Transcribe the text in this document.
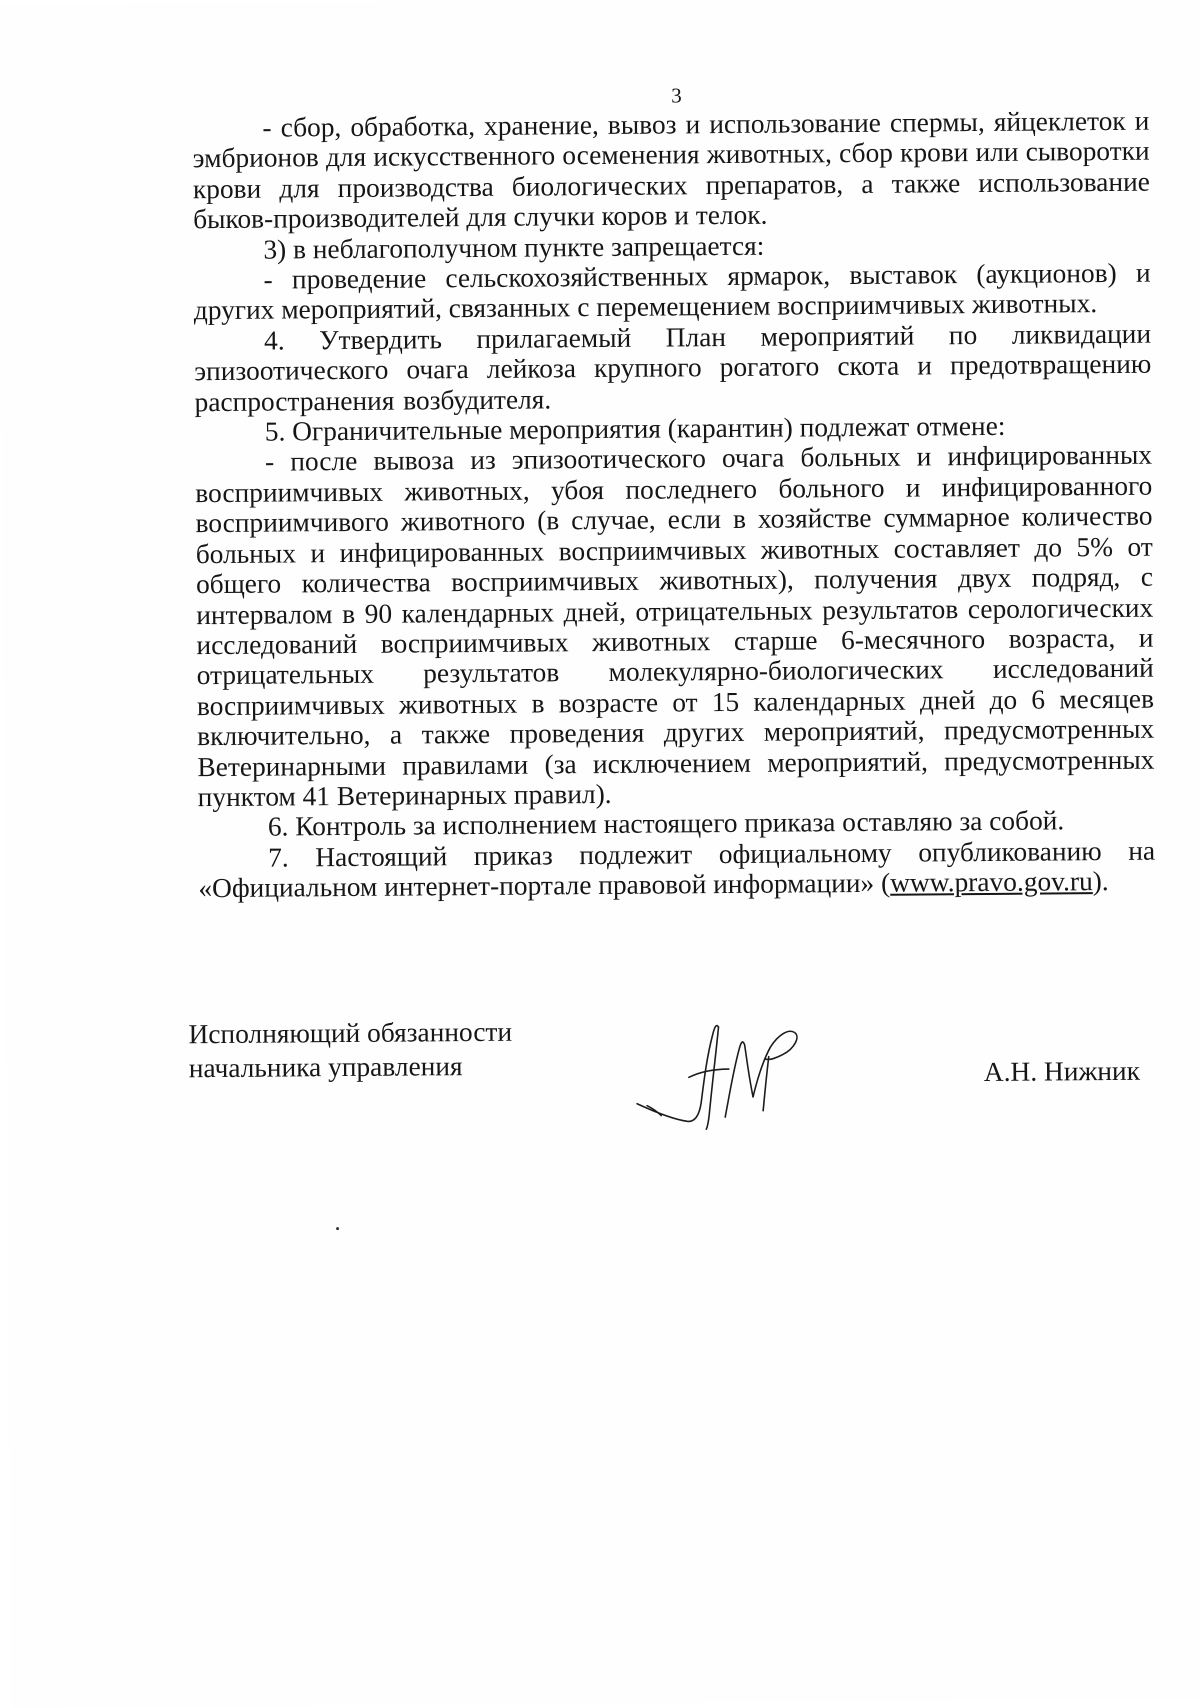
3

- сбор, обработка, хранение, вывоз и использование спермы, яйцеклеток и эмбрионов для искусственного осеменения животных, сбор крови или сыворотки крови для производства биологических препаратов, а также использование быков-производителей для случки коров и телок.

3) в неблагополучном пункте запрещается:

- проведение сельскохозяйственных ярмарок, выставок (аукционов) и других мероприятий, связанных с перемещением восприимчивых животных.

4. Утвердить прилагаемый План мероприятий по ликвидации эпизоотического очага лейкоза крупного рогатого скота и предотвращению распространения возбудителя.

5. Ограничительные мероприятия (карантин) подлежат отмене:

- после вывоза из эпизоотического очага больных и инфицированных восприимчивых животных, убоя последнего больного и инфицированного восприимчивого животного (в случае, если в хозяйстве суммарное количество больных и инфицированных восприимчивых животных составляет до 5% от общего количества восприимчивых животных), получения двух подряд, с интервалом в 90 календарных дней, отрицательных результатов серологических исследований восприимчивых животных старше 6-месячного возраста, и отрицательных результатов молекулярно-биологических исследований восприимчивых животных в возрасте от 15 календарных дней до 6 месяцев включительно, а также проведения других мероприятий, предусмотренных Ветеринарными правилами (за исключением мероприятий, предусмотренных пунктом 41 Ветеринарных правил).

6. Контроль за исполнением настоящего приказа оставляю за собой.

7. Настоящий приказ подлежит официальному опубликованию на «Официальном интернет-портале правовой информации» (www.pravo.gov.ru).

Исполняющий обязанности
начальника управления	А.Н. Нижник
